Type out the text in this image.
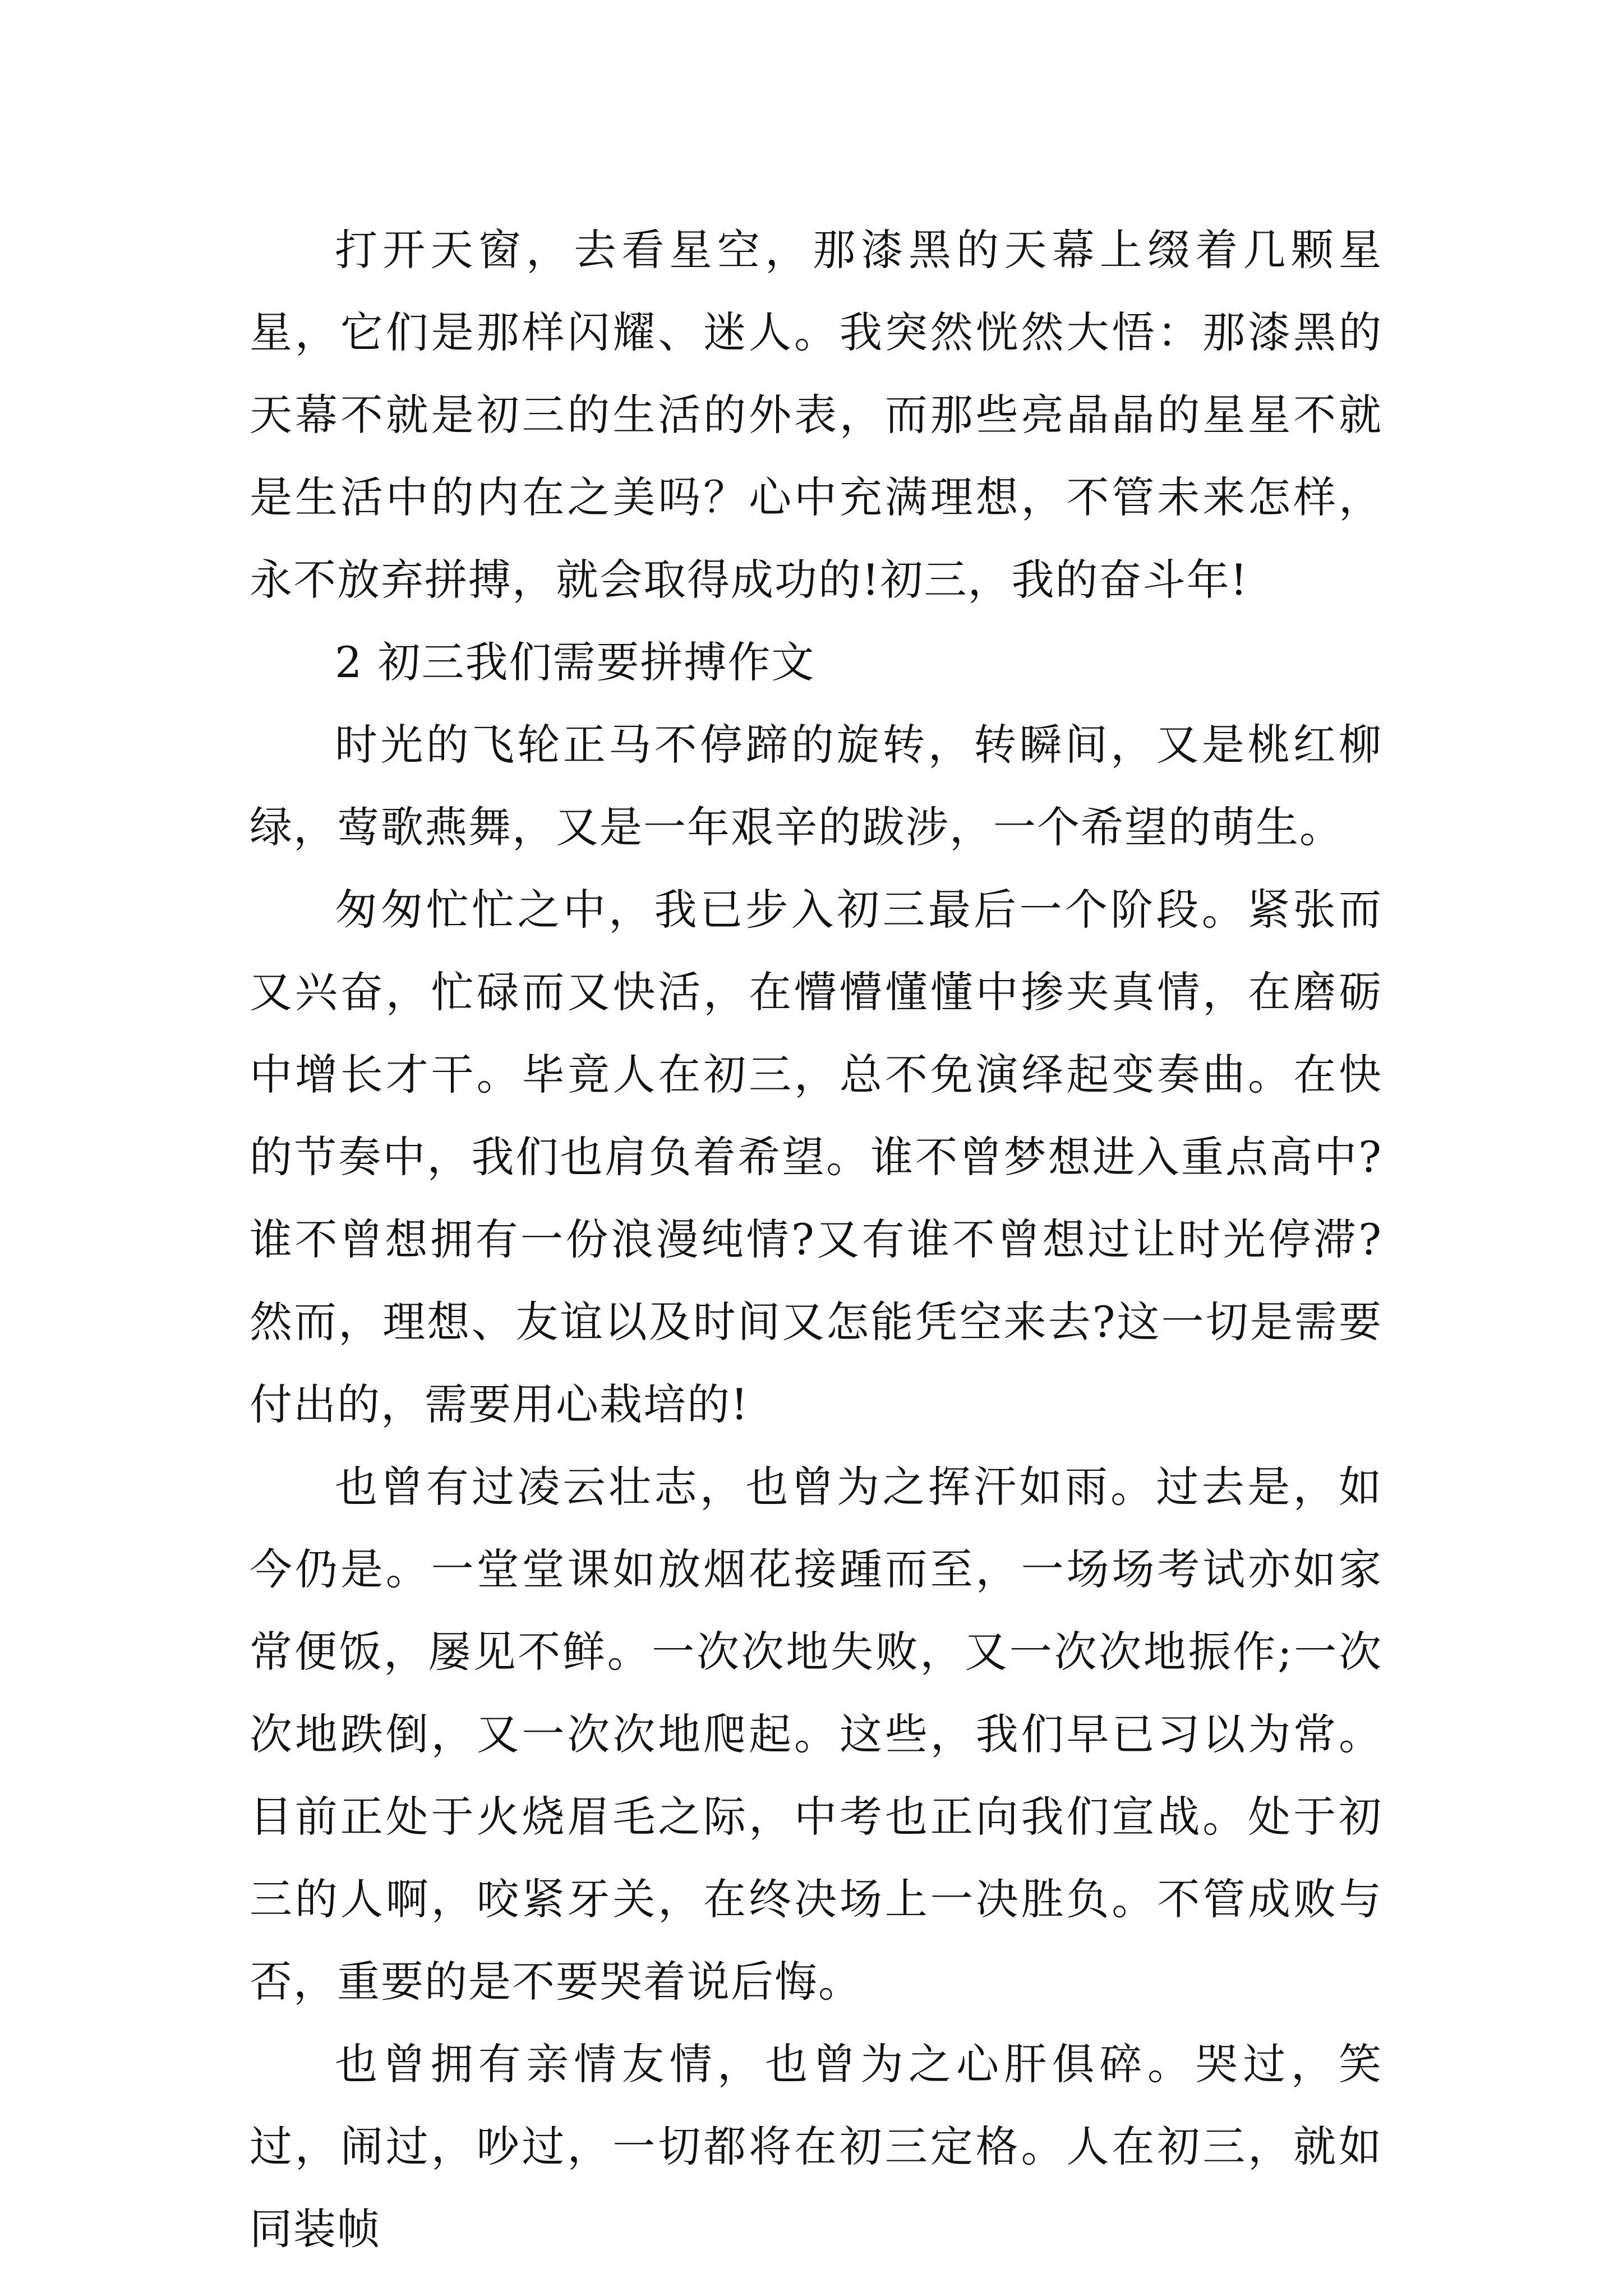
打开天窗，去看星空，那漆黑的天幕上缀着几颗星星，它们是那样闪耀、迷人。我突然恍然大悟：那漆黑的天幕不就是初三的生活的外表，而那些亮晶晶的星星不就是生活中的内在之美吗？心中充满理想，不管未来怎样，永不放弃拼搏，就会取得成功的!初三，我的奋斗年!

2 初三我们需要拼搏作文

时光的飞轮正马不停蹄的旋转，转瞬间，又是桃红柳绿，莺歌燕舞，又是一年艰辛的跋涉，一个希望的萌生。

匆匆忙忙之中，我已步入初三最后一个阶段。紧张而又兴奋，忙碌而又快活，在懵懵懂懂中掺夹真情，在磨砺中增长才干。毕竟人在初三，总不免演绎起变奏曲。在快的节奏中，我们也肩负着希望。谁不曾梦想进入重点高中?谁不曾想拥有一份浪漫纯情?又有谁不曾想过让时光停滞?然而，理想、友谊以及时间又怎能凭空来去?这一切是需要付出的，需要用心栽培的!

也曾有过凌云壮志，也曾为之挥汗如雨。过去是，如今仍是。一堂堂课如放烟花接踵而至，一场场考试亦如家常便饭，屡见不鲜。一次次地失败，又一次次地振作;一次次地跌倒，又一次次地爬起。这些，我们早已习以为常。目前正处于火烧眉毛之际，中考也正向我们宣战。处于初三的人啊，咬紧牙关，在终决场上一决胜负。不管成败与否，重要的是不要哭着说后悔。

也曾拥有亲情友情，也曾为之心肝俱碎。哭过，笑过，闹过，吵过，一切都将在初三定格。人在初三，就如同装帧
